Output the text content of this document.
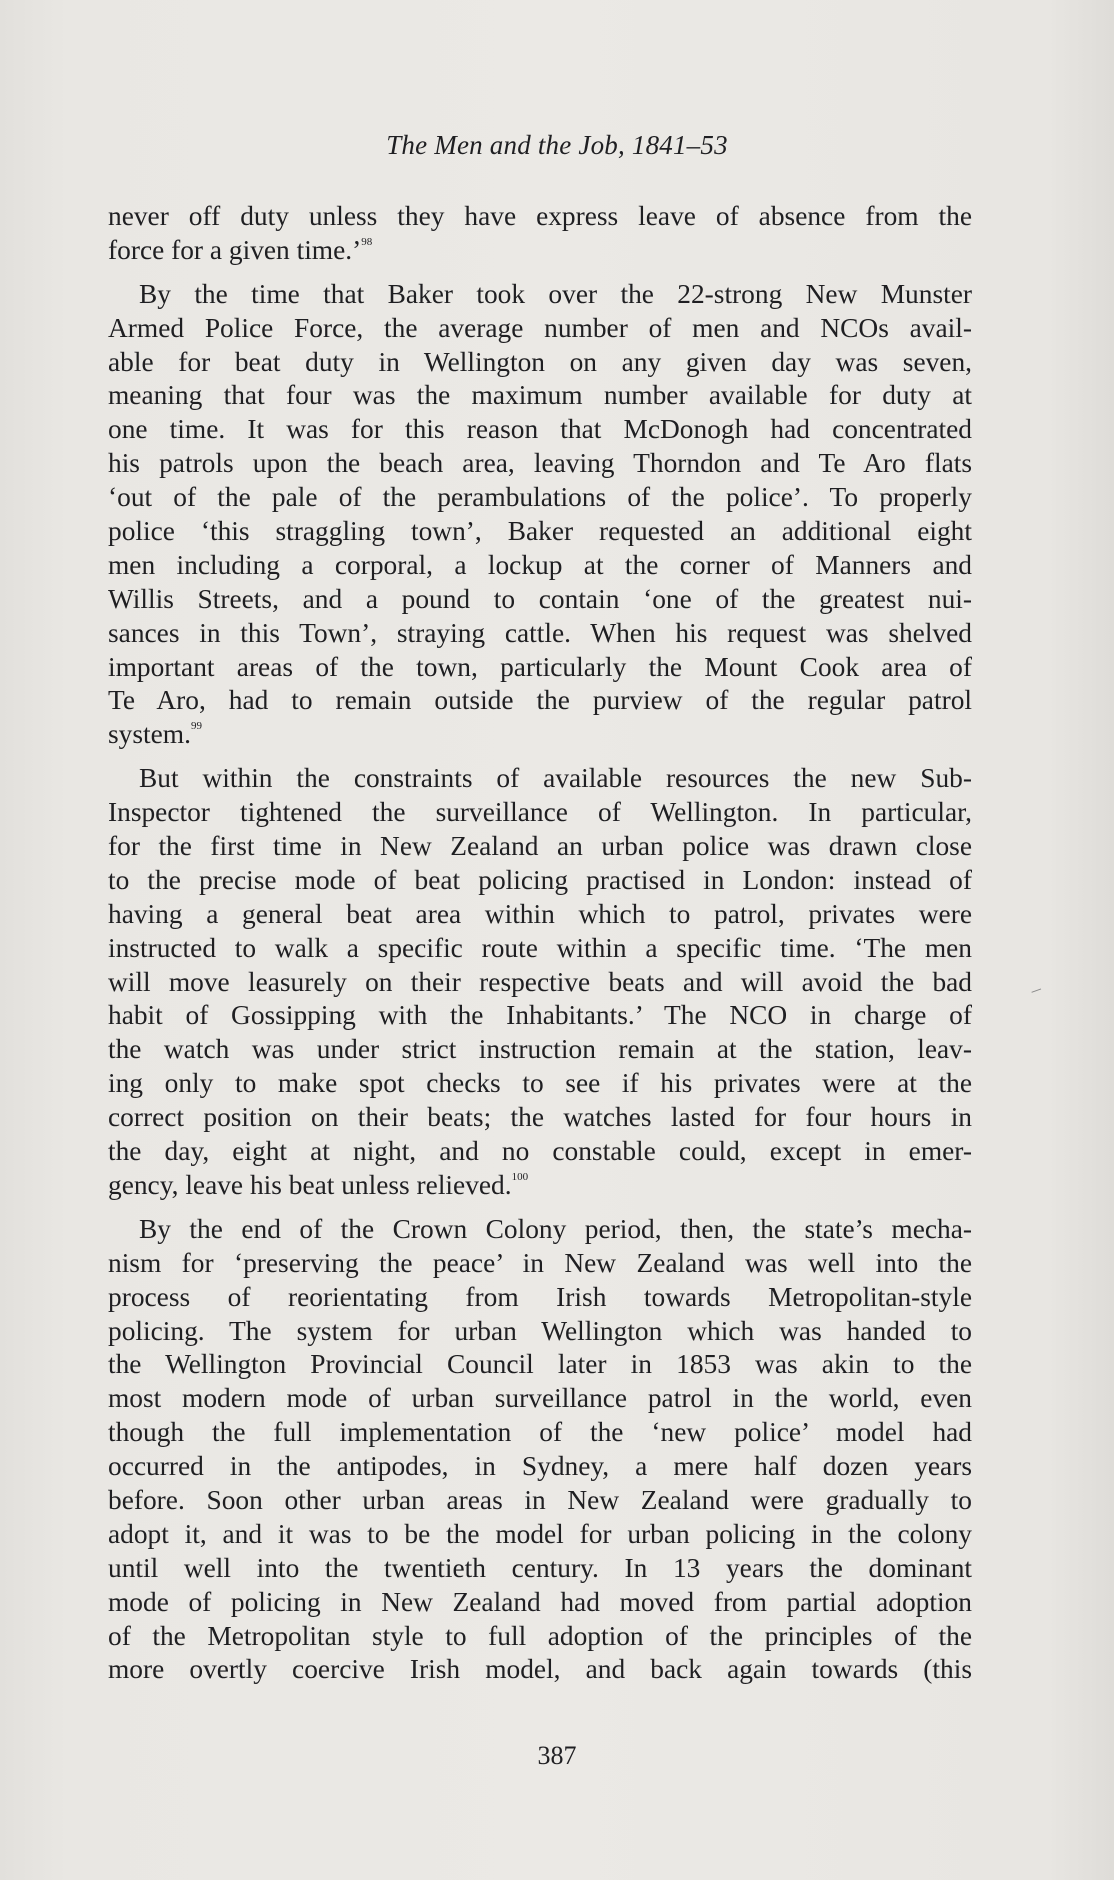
The Men and the Job, 1841–53

never off duty unless they have express leave of absence from the
force for a given time.’$^{98}$

By the time that Baker took over the 22-strong New Munster
Armed Police Force, the average number of men and NCOs avail-
able for beat duty in Wellington on any given day was seven,
meaning that four was the maximum number available for duty at
one time. It was for this reason that McDonogh had concentrated
his patrols upon the beach area, leaving Thorndon and Te Aro flats
‘out of the pale of the perambulations of the police’. To properly
police ‘this straggling town’, Baker requested an additional eight
men including a corporal, a lockup at the corner of Manners and
Willis Streets, and a pound to contain ‘one of the greatest nui-
sances in this Town’, straying cattle. When his request was shelved
important areas of the town, particularly the Mount Cook area of
Te Aro, had to remain outside the purview of the regular patrol
system.$^{99}$

But within the constraints of available resources the new Sub-
Inspector tightened the surveillance of Wellington. In particular,
for the first time in New Zealand an urban police was drawn close
to the precise mode of beat policing practised in London: instead of
having a general beat area within which to patrol, privates were
instructed to walk a specific route within a specific time. ‘The men
will move leasurely on their respective beats and will avoid the bad
habit of Gossipping with the Inhabitants.’ The NCO in charge of
the watch was under strict instruction remain at the station, leav-
ing only to make spot checks to see if his privates were at the
correct position on their beats; the watches lasted for four hours in
the day, eight at night, and no constable could, except in emer-
gency, leave his beat unless relieved.$^{100}$

By the end of the Crown Colony period, then, the state’s mecha-
nism for ‘preserving the peace’ in New Zealand was well into the
process of reorientating from Irish towards Metropolitan-style
policing. The system for urban Wellington which was handed to
the Wellington Provincial Council later in 1853 was akin to the
most modern mode of urban surveillance patrol in the world, even
though the full implementation of the ‘new police’ model had
occurred in the antipodes, in Sydney, a mere half dozen years
before. Soon other urban areas in New Zealand were gradually to
adopt it, and it was to be the model for urban policing in the colony
until well into the twentieth century. In 13 years the dominant
mode of policing in New Zealand had moved from partial adoption
of the Metropolitan style to full adoption of the principles of the
more overtly coercive Irish model, and back again towards (this

387
